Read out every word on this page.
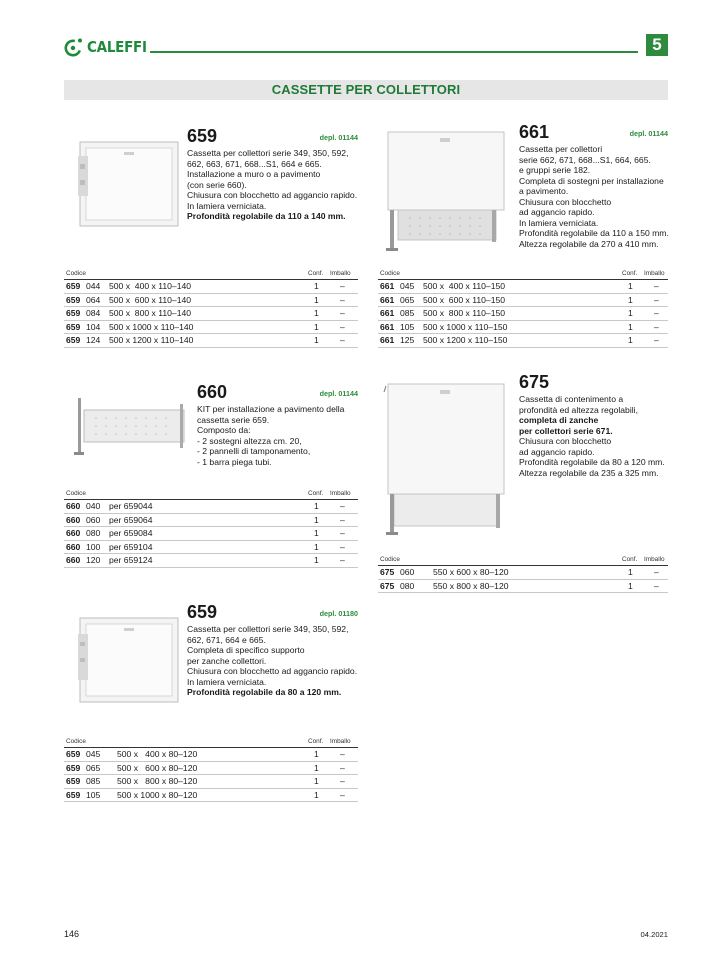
CALEFFI	5
CASSETTE PER COLLETTORI
659	depl. 01144
Cassetta per collettori serie 349, 350, 592,
662, 663, 671, 668...S1, 664 e 665.
Installazione a muro o a pavimento
(con serie 660).
Chiusura con blocchetto ad aggancio rapido.
In lamiera verniciata.
Profondità regolabile da 110 a 140 mm.
Codice	Conf. Imballo
659 044 500 x  400 x 110–140	1 –
659 064 500 x  600 x 110–140	1 –
659 084 500 x  800 x 110–140	1 –
659 104 500 x 1000 x 110–140	1 –
659 124 500 x 1200 x 110–140	1 –
661	depl. 01144
Cassetta per collettori
serie 662, 671, 668...S1, 664, 665.
e gruppi serie 182.
Completa di sostegni per installazione
a pavimento.
Chiusura con blocchetto
ad aggancio rapido.
In lamiera verniciata.
Profondità regolabile da 110 a 150 mm.
Altezza regolabile da 270 a 410 mm.
Codice	Conf. Imballo
661 045 500 x  400 x 110–150	1 –
661 065 500 x  600 x 110–150	1 –
661 085 500 x  800 x 110–150	1 –
661 105 500 x 1000 x 110–150	1 –
661 125 500 x 1200 x 110–150	1 –
660	depl. 01144
KIT per installazione a pavimento della
cassetta serie 659.
Composto da:
- 2 sostegni altezza cm. 20,
- 2 pannelli di tamponamento,
- 1 barra piega tubi.
Codice	Conf. Imballo
660 040 per 659044	1 –
660 060 per 659064	1 –
660 080 per 659084	1 –
660 100 per 659104	1 –
660 120 per 659124	1 –
675
Cassetta di contenimento a
profondità ed altezza regolabili,
completa di zanche
per collettori serie 671.
Chiusura con blocchetto
ad aggancio rapido.
Profondità regolabile da 80 a 120 mm.
Altezza regolabile da 235 a 325 mm.
Codice	Conf. Imballo
675 060 550 x 600 x 80–120	1 –
675 080 550 x 800 x 80–120	1 –
659	depl. 01180
Cassetta per collettori serie 349, 350, 592,
662, 671, 664 e 665.
Completa di specifico supporto
per zanche collettori.
Chiusura con blocchetto ad aggancio rapido.
In lamiera verniciata.
Profondità regolabile da 80 a 120 mm.
Codice	Conf. Imballo
659 045 500 x   400 x 80–120	1 –
659 065 500 x   600 x 80–120	1 –
659 085 500 x   800 x 80–120	1 –
659 105 500 x 1000 x 80–120	1 –
146	04.2021
